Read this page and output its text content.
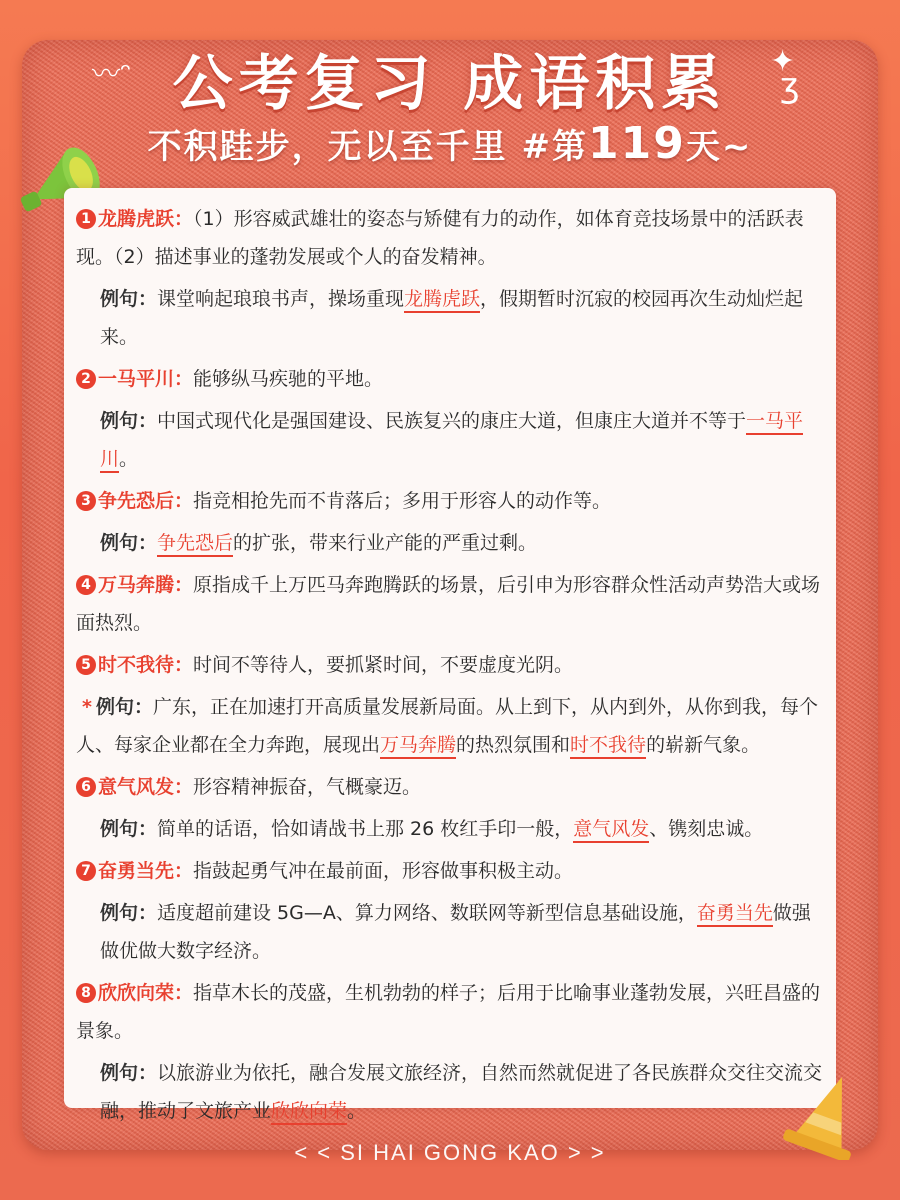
〰ᵔ	✦
ʒ
公考复习 成语积累
不积跬步，无以至千里 #第119天~

1 龙腾虎跃：（1）形容威武雄壮的姿态与矫健有力的动作，如体育竞技场景中的活跃表现。（2）描述事业的蓬勃发展或个人的奋发精神。

例句：课堂响起琅琅书声，操场重现龙腾虎跃，假期暂时沉寂的校园再次生动灿烂起来。

2 一马平川：能够纵马疾驰的平地。

例句：中国式现代化是强国建设、民族复兴的康庄大道，但康庄大道并不等于一马平川。

3 争先恐后：指竞相抢先而不肯落后；多用于形容人的动作等。

例句：争先恐后的扩张，带来行业产能的严重过剩。

4 万马奔腾：原指成千上万匹马奔跑腾跃的场景，后引申为形容群众性活动声势浩大或场面热烈。

5 时不我待：时间不等待人，要抓紧时间，不要虚度光阴。

* 例句：广东，正在加速打开高质量发展新局面。从上到下，从内到外，从你到我，每个人、每家企业都在全力奔跑，展现出万马奔腾的热烈氛围和时不我待的崭新气象。

6 意气风发：形容精神振奋，气概豪迈。

例句：简单的话语，恰如请战书上那 26 枚红手印一般，意气风发、镌刻忠诚。

7 奋勇当先：指鼓起勇气冲在最前面，形容做事积极主动。

例句：适度超前建设 5G—A、算力网络、数联网等新型信息基础设施，奋勇当先做强做优做大数字经济。

8 欣欣向荣：指草木长的茂盛，生机勃勃的样子；后用于比喻事业蓬勃发展，兴旺昌盛的景象。

例句：以旅游业为依托，融合发展文旅经济，自然而然就促进了各民族群众交往交流交融，推动了文旅产业欣欣向荣。

< < SI HAI GONG KAO > >
